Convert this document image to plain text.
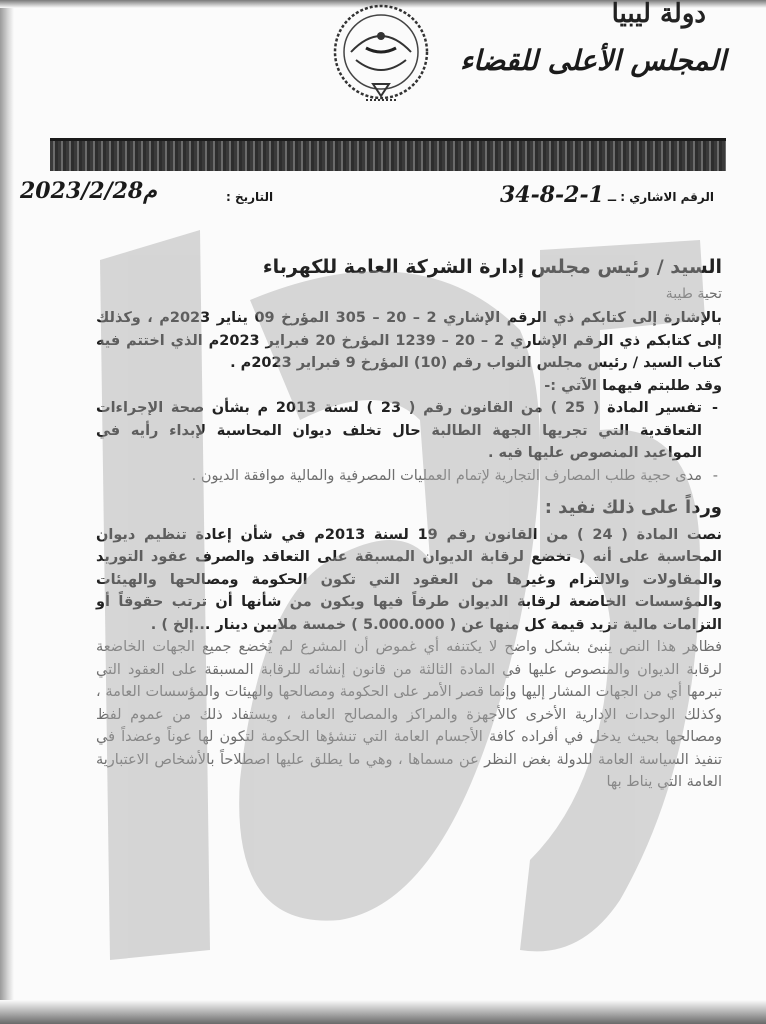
دولة ليبيا
المجلس الأعلى للقضاء
الرقم الاشاري : ــ
34-8-2-1
التاريخ :
2023/2/28م

السيد / رئيس مجلس إدارة الشركة العامة للكهرباء

تحية طيبة

بالإشارة إلى كتابكم ذي الرقم الإشاري 2 – 20 – 305 المؤرخ 09 يناير 2023م ، وكذلك إلى كتابكم ذي الرقم الإشاري 2 – 20 – 1239 المؤرخ 20 فبراير 2023م الذي اختتم فيه كتاب السيد / رئيس مجلس النواب رقم (10) المؤرخ 9 فبراير 2023م .

وقد طلبتم فيهما الآتي :-

- تفسير المادة ( 25 ) من القانون رقم ( 23 ) لسنة 2013 م بشأن صحة الإجراءات التعاقدية التي تجريها الجهة الطالبة حال تخلف ديوان المحاسبة لإبداء رأيه في المواعيد المنصوص عليها فيه .
- مدى حجية طلب المصارف التجارية لإتمام العمليات المصرفية والمالية موافقة الديون .

ورداً على ذلك نفيد :

نصت المادة ( 24 ) من القانون رقم 19 لسنة 2013م في شأن إعادة تنظيم ديوان المحاسبة على أنه ( تخضع لرقابة الديوان المسبقة على التعاقد والصرف عقود التوريد والمقاولات والالتزام وغيرها من العقود التي تكون الحكومة ومصالحها والهيئات والمؤسسات الخاضعة لرقابة الديوان طرفاً فيها ويكون من شأنها أن ترتب حقوقاً أو التزامات مالية تزيد قيمة كل منها عن ( 5.000.000 ) خمسة ملايين دينار ...إلخ ) .

فظاهر هذا النص ينبئ بشكل واضح لا يكتنفه أي غموض أن المشرع لم يُخضع جميع الجهات الخاضعة لرقابة الديوان والمنصوص عليها في المادة الثالثة من قانون إنشائه للرقابة المسبقة على العقود التي تبرمها أي من الجهات المشار إليها وإنما قصر الأمر على الحكومة ومصالحها والهيئات والمؤسسات العامة ، وكذلك الوحدات الإدارية الأخرى كالأجهزة والمراكز والمصالح العامة ، ويستفاد ذلك من عموم لفظ ومصالحها بحيث يدخل في أفراده كافة الأجسام العامة التي تنشؤها الحكومة لتكون لها عوناً وعضداً في تنفيذ السياسة العامة للدولة بغض النظر عن مسماها ، وهي ما يطلق عليها اصطلاحاً بالأشخاص الاعتبارية العامة التي يناط بها
